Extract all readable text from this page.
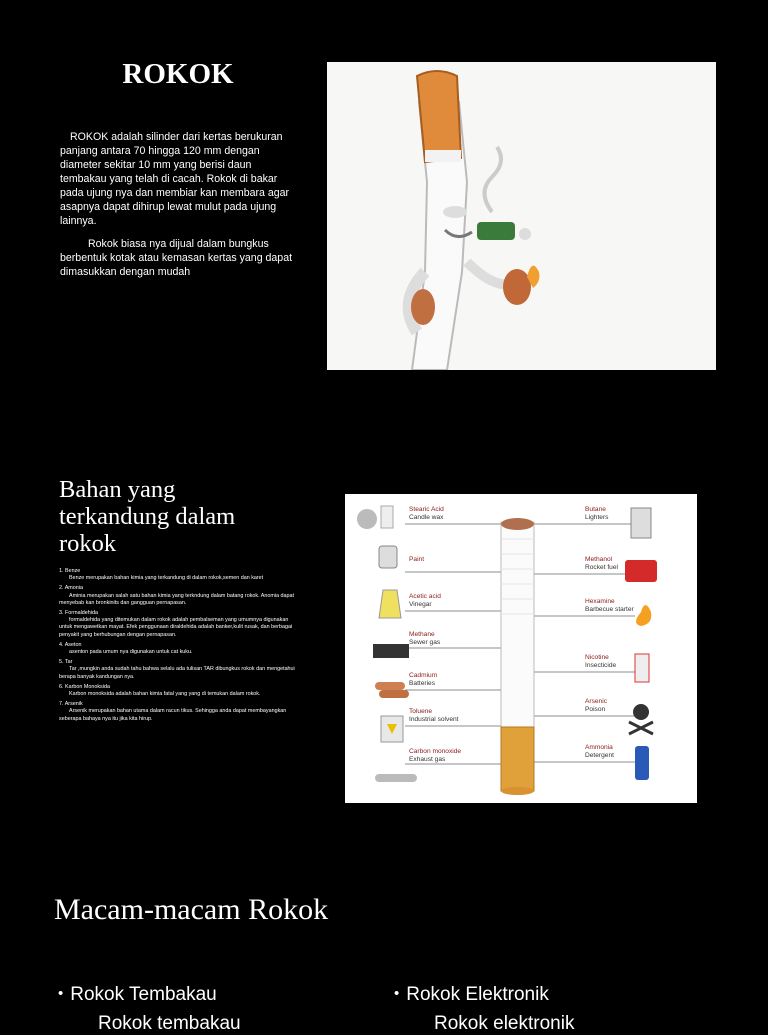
ROKOK

ROKOK adalah silinder dari kertas berukuran panjang antara 70 hingga 120 mm dengan diameter sekitar 10 mm yang berisi daun tembakau yang telah di cacah. Rokok di bakar pada ujung nya dan membiar kan membara agar asapnya dapat dihirup lewat mulut pada ujung lainnya.

Rokok biasa nya dijual dalam bungkus berbentuk kotak atau kemasan kertas yang dapat dimasukkan dengan mudah

Bahan yang terkandung dalam rokok
1. Benze
Benze merupakan bahan kimia yang terkandung di dalam rokok,semen dan karet
2. Amonia
Aminia merupakan salah satu bahan kimia yang terkndung dalam batang rokok. Anomia dapat menyebab kan bronkinits dan gangguan pernapasan.
3. Formaldehida
formaldehida yang ditemukan dalam rokok adalah pembalseman yang umumnya digunakan untuk mengawetkan mayat. Efek penggunaan diraldehida adalah banker,kulit rusak, dan berbagai penyakit yang berhubungan dengan pernapasan.
4. Aseton
asenton pada umum nya digunakan untuk cat kuku.
5. Tar
Tar ,mungkin anda sudah tahu bahwa selalu ada tulisan TAR dibungkus rokok dan mengetahui berapa banyak kandungan nya.
6. Karbon Monoksida
Karbon monoksida adalah bahan kimia fatal yang yang di temukan dalam rokok.
7. Arsenik
Arsenik merupakan bahan utama dalam racun tikus. Sehingga anda dapat membayangkan seberapa bahaya nya itu jika kita hirup.
Stearic Acid
Candle wax
Paint
Acetic acid
Vinegar
Methane
Sewer gas
Cadmium
Batteries
Toluene
Industrial solvent
Carbon monoxide
Exhaust gas
Butane
Lighters
Methanol
Rocket fuel
Hexamine
Barbecue starter
Nicotine
Insecticide
Arsenic
Poison
Ammonia
Detergent
Macam-macam Rokok
• Rokok Tembakau
Rokok tembakau
• Rokok Elektronik
Rokok elektronik
